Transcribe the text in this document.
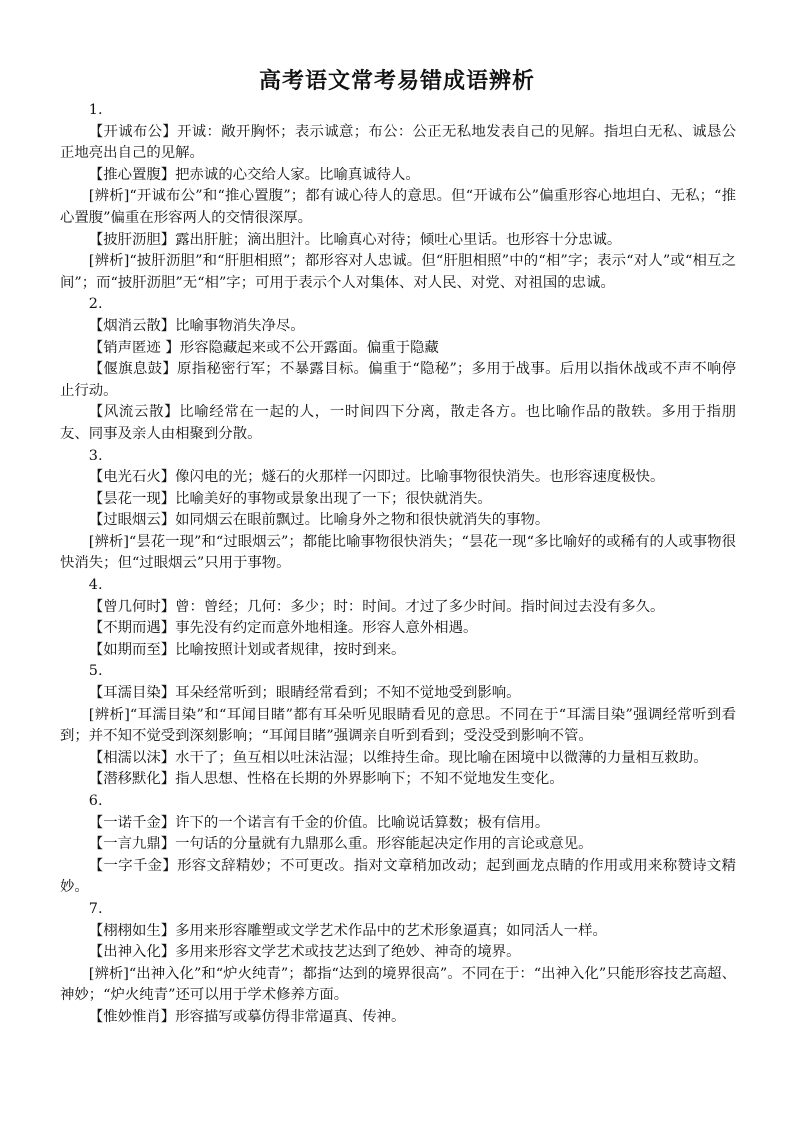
高考语文常考易错成语辨析

1.

【开诚布公】开诚：敞开胸怀；表示诚意；布公：公正无私地发表自己的见解。指坦白无私、诚恳公正地亮出自己的见解。

【推心置腹】把赤诚的心交给人家。比喻真诚待人。

[辨析]“开诚布公”和“推心置腹”；都有诚心待人的意思。但“开诚布公”偏重形容心地坦白、无私；“推心置腹”偏重在形容两人的交情很深厚。

【披肝沥胆】露出肝脏；滴出胆汁。比喻真心对待；倾吐心里话。也形容十分忠诚。

[辨析]“披肝沥胆”和“肝胆相照”；都形容对人忠诚。但“肝胆相照”中的“相”字；表示“对人”或“相互之间”；而“披肝沥胆”无“相”字；可用于表示个人对集体、对人民、对党、对祖国的忠诚。

2.

【烟消云散】比喻事物消失净尽。

【销声匿迹 】形容隐藏起来或不公开露面。偏重于隐藏

【偃旗息鼓】原指秘密行军；不暴露目标。偏重于“隐秘”；多用于战事。后用以指休战或不声不响停止行动。

【风流云散】比喻经常在一起的人，一时间四下分离，散走各方。也比喻作品的散轶。多用于指朋友、同事及亲人由相聚到分散。

3.

【电光石火】像闪电的光；燧石的火那样一闪即过。比喻事物很快消失。也形容速度极快。

【昙花一现】比喻美好的事物或景象出现了一下；很快就消失。

【过眼烟云】如同烟云在眼前飘过。比喻身外之物和很快就消失的事物。

[辨析]“昙花一现”和“过眼烟云”；都能比喻事物很快消失；“昙花一现“多比喻好的或稀有的人或事物很快消失；但“过眼烟云”只用于事物。

4.

【曾几何时】曾：曾经；几何：多少；时：时间。才过了多少时间。指时间过去没有多久。

【不期而遇】事先没有约定而意外地相逢。形容人意外相遇。

【如期而至】比喻按照计划或者规律，按时到来。

5.

【耳濡目染】耳朵经常听到；眼睛经常看到；不知不觉地受到影响。

[辨析]“耳濡目染”和“耳闻目睹”都有耳朵听见眼睛看见的意思。不同在于“耳濡目染”强调经常听到看到；并不知不觉受到深刻影响；“耳闻目睹”强调亲自听到看到；受没受到影响不管。

【相濡以沫】水干了；鱼互相以吐沫沾湿；以维持生命。现比喻在困境中以微薄的力量相互救助。

【潜移默化】指人思想、性格在长期的外界影响下；不知不觉地发生变化。

6.

【一诺千金】许下的一个诺言有千金的价值。比喻说话算数；极有信用。

【一言九鼎】一句话的分量就有九鼎那么重。形容能起决定作用的言论或意见。

【一字千金】形容文辞精妙；不可更改。指对文章稍加改动；起到画龙点睛的作用或用来称赞诗文精妙。

7.

【栩栩如生】多用来形容雕塑或文学艺术作品中的艺术形象逼真；如同活人一样。

【出神入化】多用来形容文学艺术或技艺达到了绝妙、神奇的境界。

[辨析]“出神入化”和“炉火纯青”；都指“达到的境界很高”。不同在于：“出神入化”只能形容技艺高超、神妙；“炉火纯青”还可以用于学术修养方面。

【惟妙惟肖】形容描写或摹仿得非常逼真、传神。
